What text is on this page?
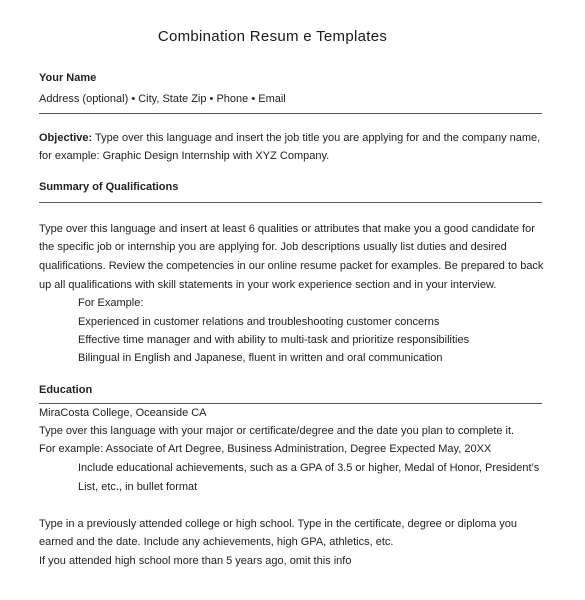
Combination Resum e Templates
Your Name
Address (optional) • City, State Zip • Phone • Email
Objective: Type over this language and insert the job title you are applying for and the company name,
for example: Graphic Design Internship with XYZ Company.
Summary of Qualifications
Type over this language and insert at least 6 qualities or attributes that make you a good candidate for
the specific job or internship you are applying for. Job descriptions usually list duties and desired
qualifications. Review the competencies in our online resume packet for examples. Be prepared to back
up all qualifications with skill statements in your work experience section and in your interview.
For Example:
Experienced in customer relations and troubleshooting customer concerns
Effective time manager and with ability to multi-task and prioritize responsibilities
Bilingual in English and Japanese, fluent in written and oral communication
Education
MiraCosta College, Oceanside CA
Type over this language with your major or certificate/degree and the date you plan to complete it.
For example: Associate of Art Degree, Business Administration, Degree Expected May, 20XX
Include educational achievements, such as a GPA of 3.5 or higher, Medal of Honor, President’s
List, etc., in bullet format
Type in a previously attended college or high school. Type in the certificate, degree or diploma you
earned and the date. Include any achievements, high GPA, athletics, etc.
If you attended high school more than 5 years ago, omit this info
